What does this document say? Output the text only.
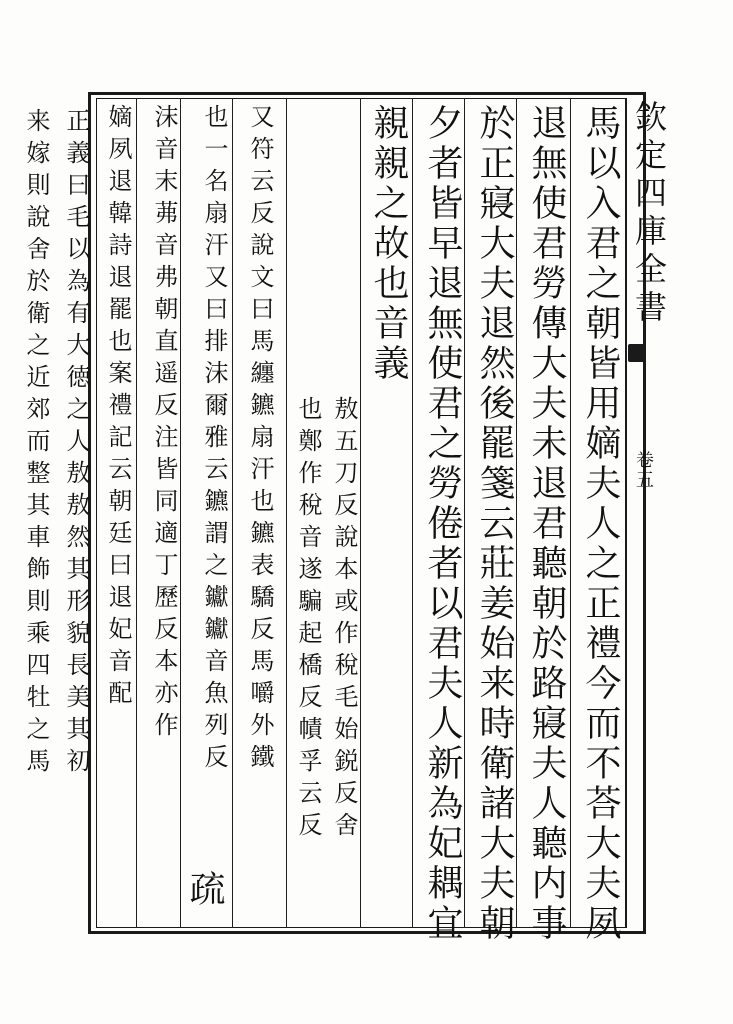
欽定四庫全書
卷五
馬以入君之朝皆用嫡夫人之正禮今而不荅大夫夙
退無使君勞傳大夫未退君聽朝於路寢夫人聽内事
於正寢大夫退然後罷箋云莊姜始来時衛諸大夫朝
夕者皆早退無使君之勞倦者以君夫人新為妃耦宜
親親之故也音義
敖五刀反說本或作稅毛始鋭反舍
也鄭作稅音遂騙起橋反幘孚云反
又符云反說文曰馬纏鑣扇汗也鑣表驕反馬嚼外鐵
也一名扇汗又曰排沫爾雅云鑣謂之钀钀音魚列反
沫音末茀音弗朝直遥反注皆同適丁歷反本亦作
嫡夙退韓詩退罷也案禮記云朝廷曰退妃音配
疏
正義曰毛以為有大徳之人敖敖然其形貌長美其初
来嫁則說舍於衛之近郊而整其車飾則乘四牡之馬
